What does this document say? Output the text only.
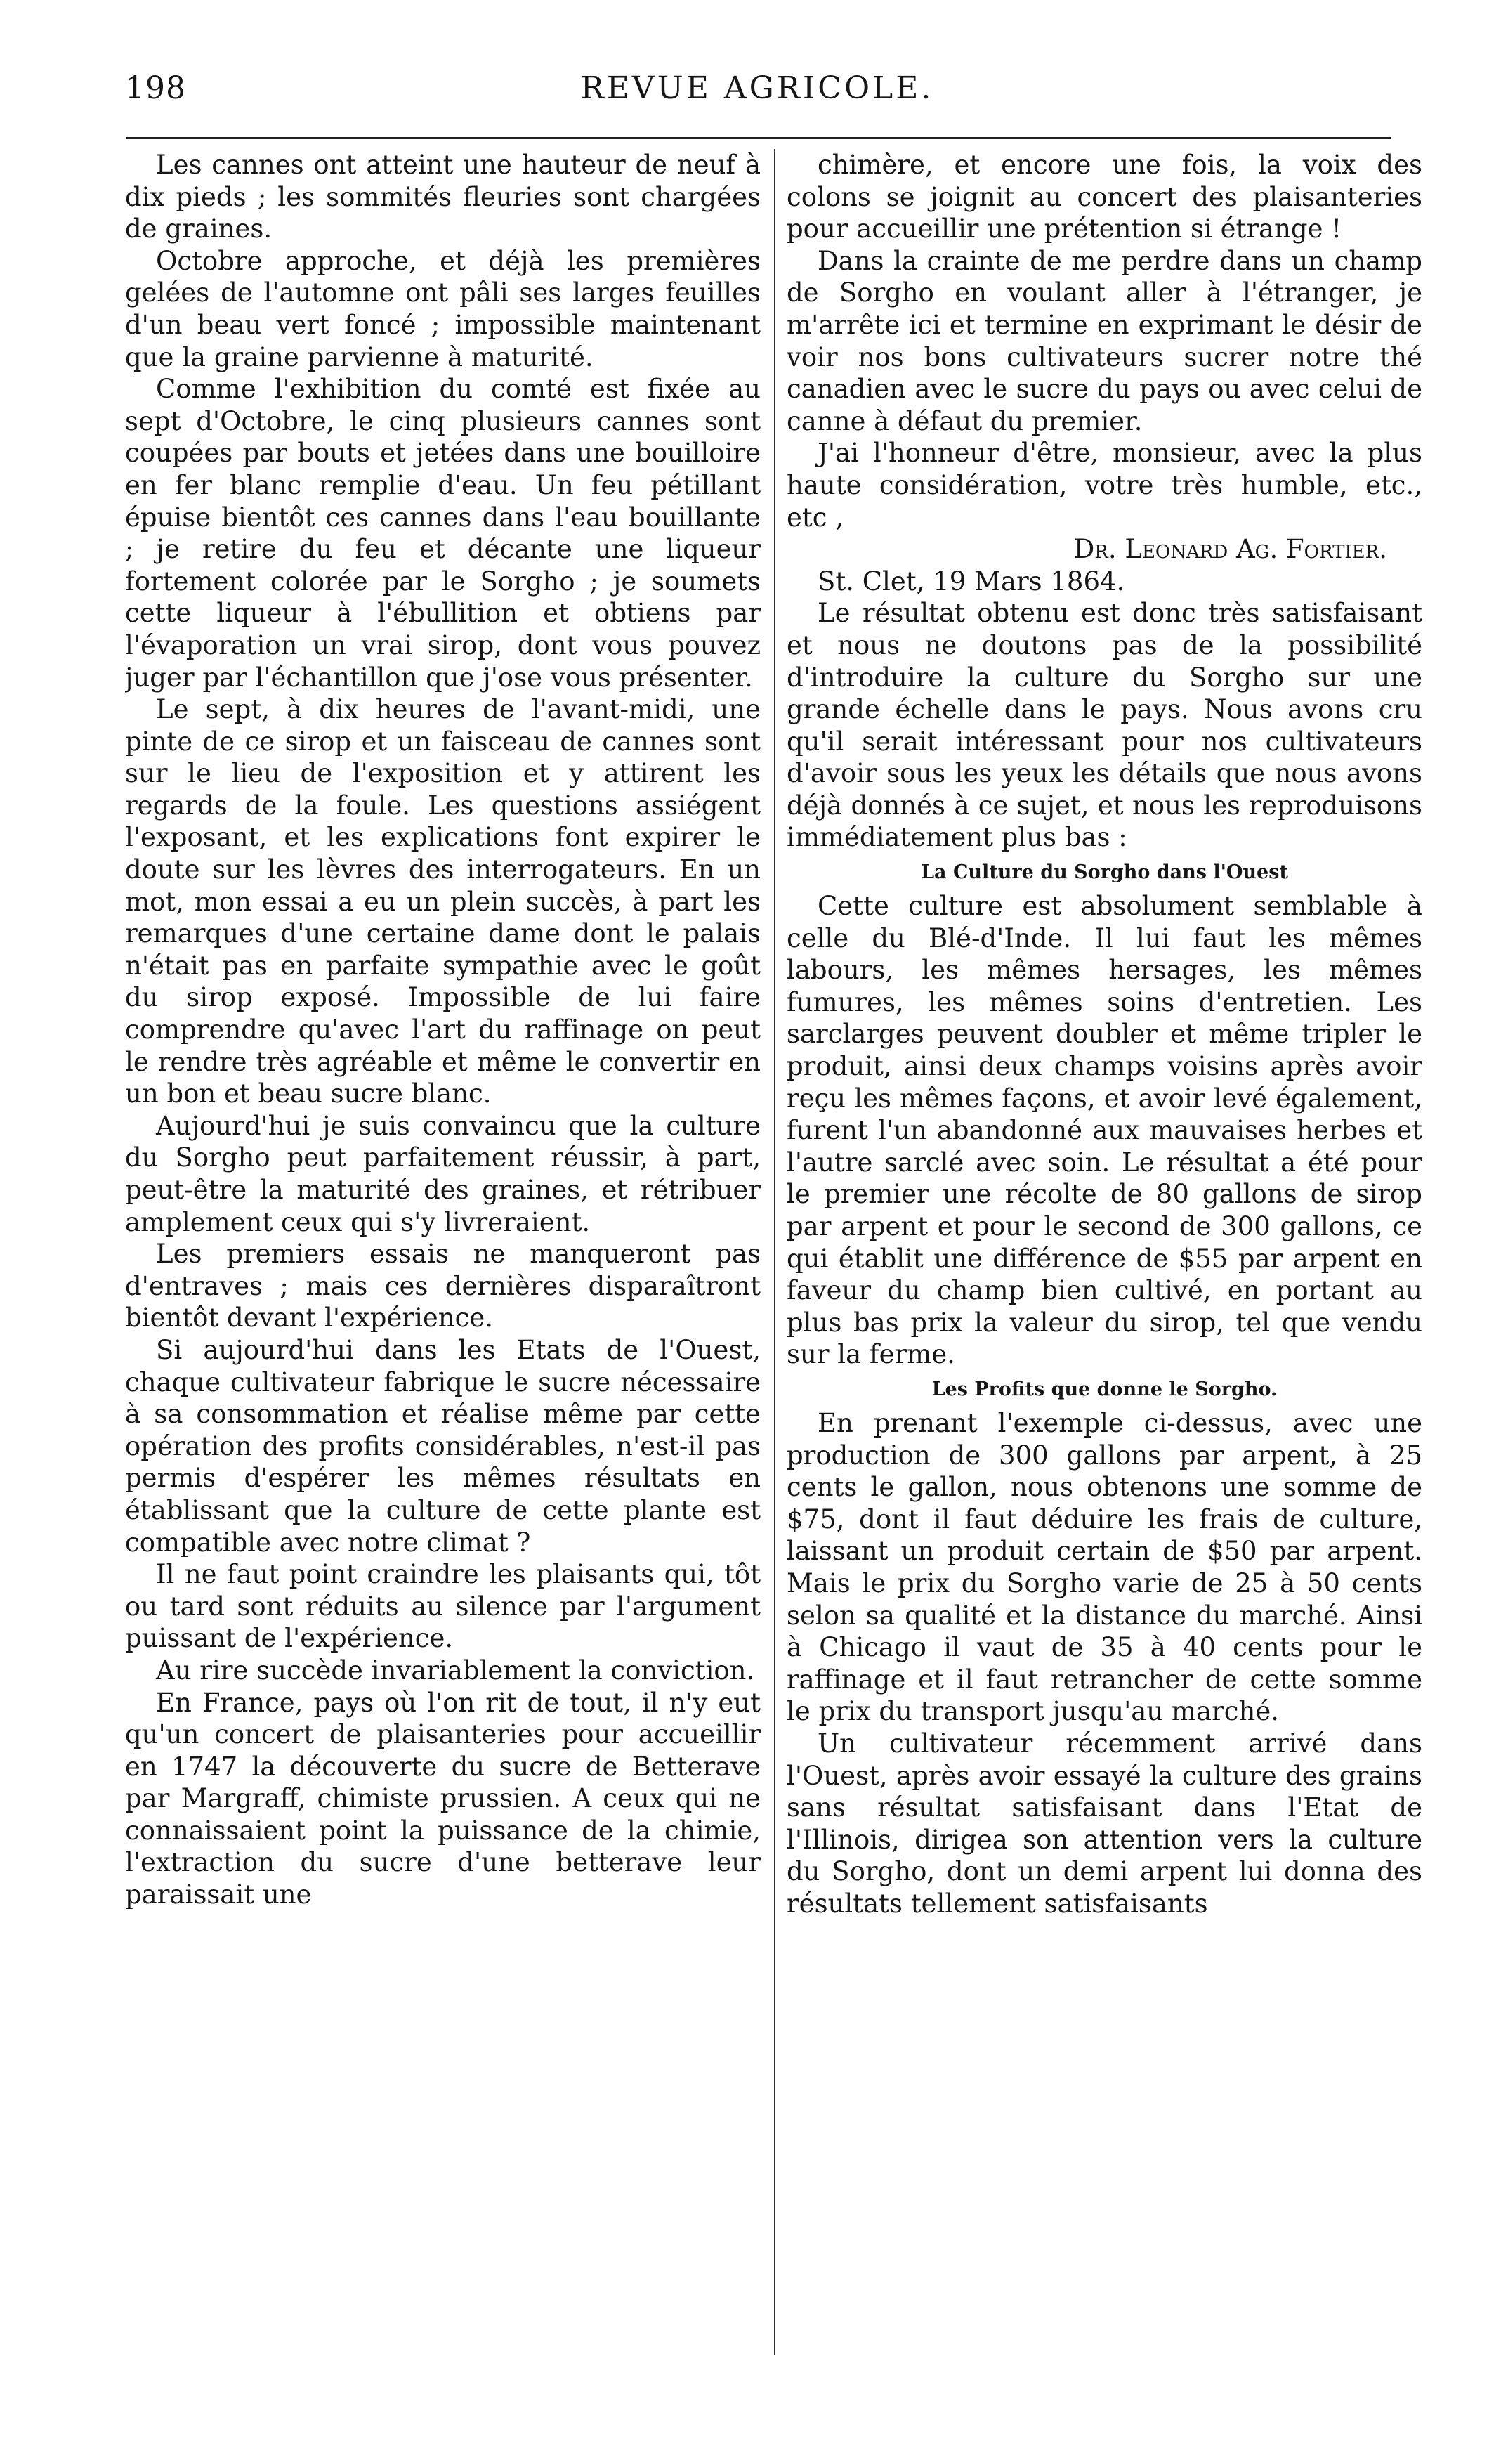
198	REVUE AGRICOLE.

Les cannes ont atteint une hauteur de neuf à dix pieds ; les sommités fleuries sont chargées de graines.

Octobre approche, et déjà les premières gelées de l'automne ont pâli ses larges feuilles d'un beau vert foncé ; impossible maintenant que la graine parvienne à maturité.

Comme l'exhibition du comté est fixée au sept d'Octobre, le cinq plusieurs cannes sont coupées par bouts et jetées dans une bouilloire en fer blanc remplie d'eau. Un feu pétillant épuise bientôt ces cannes dans l'eau bouillante ; je retire du feu et décante une liqueur fortement colorée par le Sorgho ; je soumets cette liqueur à l'ébullition et obtiens par l'évaporation un vrai sirop, dont vous pouvez juger par l'échantillon que j'ose vous présenter.

Le sept, à dix heures de l'avant-midi, une pinte de ce sirop et un faisceau de cannes sont sur le lieu de l'exposition et y attirent les regards de la foule. Les questions assiégent l'exposant, et les explications font expirer le doute sur les lèvres des interrogateurs. En un mot, mon essai a eu un plein succès, à part les remarques d'une certaine dame dont le palais n'était pas en parfaite sympathie avec le goût du sirop exposé. Impossible de lui faire comprendre qu'avec l'art du raffinage on peut le rendre très agréable et même le convertir en un bon et beau sucre blanc.

Aujourd'hui je suis convaincu que la culture du Sorgho peut parfaitement réussir, à part, peut-être la maturité des graines, et rétribuer amplement ceux qui s'y livreraient.

Les premiers essais ne manqueront pas d'entraves ; mais ces dernières disparaîtront bientôt devant l'expérience.

Si aujourd'hui dans les Etats de l'Ouest, chaque cultivateur fabrique le sucre nécessaire à sa consommation et réalise même par cette opération des profits considérables, n'est-il pas permis d'espérer les mêmes résultats en établissant que la culture de cette plante est compatible avec notre climat ?

Il ne faut point craindre les plaisants qui, tôt ou tard sont réduits au silence par l'argument puissant de l'expérience.

Au rire succède invariablement la conviction.

En France, pays où l'on rit de tout, il n'y eut qu'un concert de plaisanteries pour accueillir en 1747 la découverte du sucre de Betterave par Margraff, chimiste prussien. A ceux qui ne connaissaient point la puissance de la chimie, l'extraction du sucre d'une betterave leur paraissait une

chimère, et encore une fois, la voix des colons se joignit au concert des plaisanteries pour accueillir une prétention si étrange !

Dans la crainte de me perdre dans un champ de Sorgho en voulant aller à l'étranger, je m'arrête ici et termine en exprimant le désir de voir nos bons cultivateurs sucrer notre thé canadien avec le sucre du pays ou avec celui de canne à défaut du premier.

J'ai l'honneur d'être, monsieur, avec la plus haute considération, votre très humble, etc., etc ,

Dr. Leonard Ag. Fortier.

St. Clet, 19 Mars 1864.

Le résultat obtenu est donc très satisfaisant et nous ne doutons pas de la possibilité d'introduire la culture du Sorgho sur une grande échelle dans le pays. Nous avons cru qu'il serait intéressant pour nos cultivateurs d'avoir sous les yeux les détails que nous avons déjà donnés à ce sujet, et nous les reproduisons immédiatement plus bas :

La Culture du Sorgho dans l'Ouest

Cette culture est absolument semblable à celle du Blé-d'Inde. Il lui faut les mêmes labours, les mêmes hersages, les mêmes fumures, les mêmes soins d'entretien. Les sarclarges peuvent doubler et même tripler le produit, ainsi deux champs voisins après avoir reçu les mêmes façons, et avoir levé également, furent l'un abandonné aux mauvaises herbes et l'autre sarclé avec soin. Le résultat a été pour le premier une récolte de 80 gallons de sirop par arpent et pour le second de 300 gallons, ce qui établit une différence de $55 par arpent en faveur du champ bien cultivé, en portant au plus bas prix la valeur du sirop, tel que vendu sur la ferme.

Les Profits que donne le Sorgho.

En prenant l'exemple ci-dessus, avec une production de 300 gallons par arpent, à 25 cents le gallon, nous obtenons une somme de $75, dont il faut déduire les frais de culture, laissant un produit certain de $50 par arpent. Mais le prix du Sorgho varie de 25 à 50 cents selon sa qualité et la distance du marché. Ainsi à Chicago il vaut de 35 à 40 cents pour le raffinage et il faut retrancher de cette somme le prix du transport jusqu'au marché.

Un cultivateur récemment arrivé dans l'Ouest, après avoir essayé la culture des grains sans résultat satisfaisant dans l'Etat de l'Illinois, dirigea son attention vers la culture du Sorgho, dont un demi arpent lui donna des résultats tellement satisfaisants
